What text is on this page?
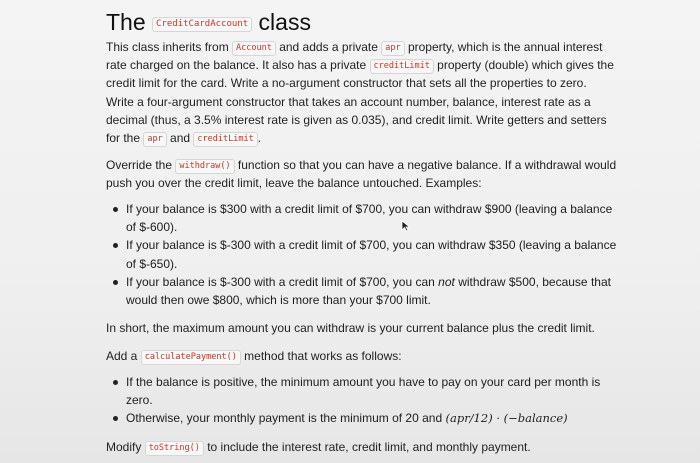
The CreditCardAccount class
This class inherits from Account and adds a private apr property, which is the annual interest
rate charged on the balance. It also has a private creditLimit property (double) which gives the
credit limit for the card. Write a no-argument constructor that sets all the properties to zero.
Write a four-argument constructor that takes an account number, balance, interest rate as a
decimal (thus, a 3.5% interest rate is given as 0.035), and credit limit. Write getters and setters
for the apr and creditLimit .
Override the withdraw() function so that you can have a negative balance. If a withdrawal would
push you over the credit limit, leave the balance untouched. Examples:
If your balance is $300 with a credit limit of $700, you can withdraw $900 (leaving a balance
of $-600).
If your balance is $-300 with a credit limit of $700, you can withdraw $350 (leaving a balance
of $-650).
If your balance is $-300 with a credit limit of $700, you can not withdraw $500, because that
would then owe $800, which is more than your $700 limit.
In short, the maximum amount you can withdraw is your current balance plus the credit limit.
Add a calculatePayment() method that works as follows:
If the balance is positive, the minimum amount you have to pay on your card per month is
zero.
Otherwise, your monthly payment is the minimum of 20 and (apr/12) · (−balance)
Modify toString() to include the interest rate, credit limit, and monthly payment.
